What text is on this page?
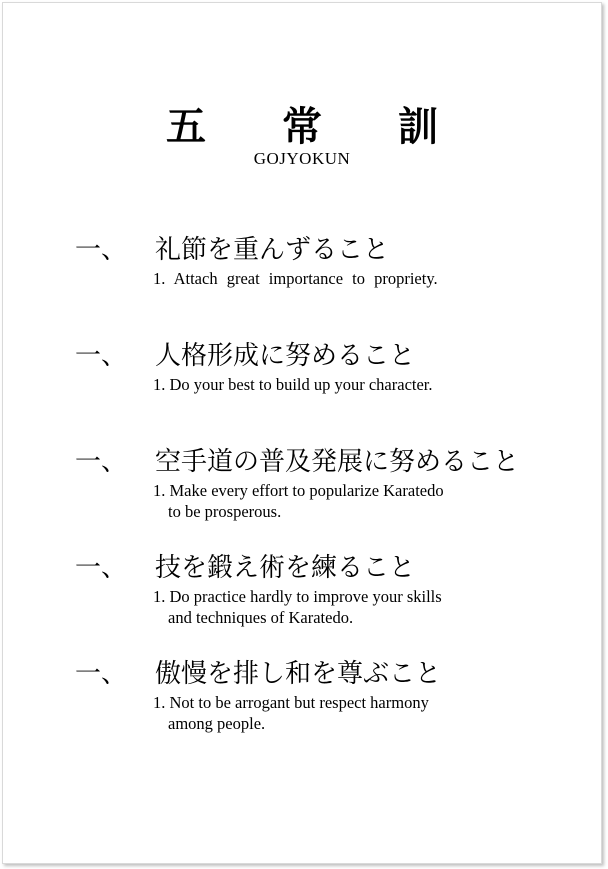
五 常 訓
GOJYOKUN
一、 礼節を重んずること
1. Attach great importance to propriety.
一、 人格形成に努めること
1. Do your best to build up your character.
一、 空手道の普及発展に努めること
1. Make every effort to popularize Karatedo
to be prosperous.
一、 技を鍛え術を練ること
1. Do practice hardly to improve your skills
and techniques of Karatedo.
一、 傲慢を排し和を尊ぶこと
1. Not to be arrogant but respect harmony
among people.
